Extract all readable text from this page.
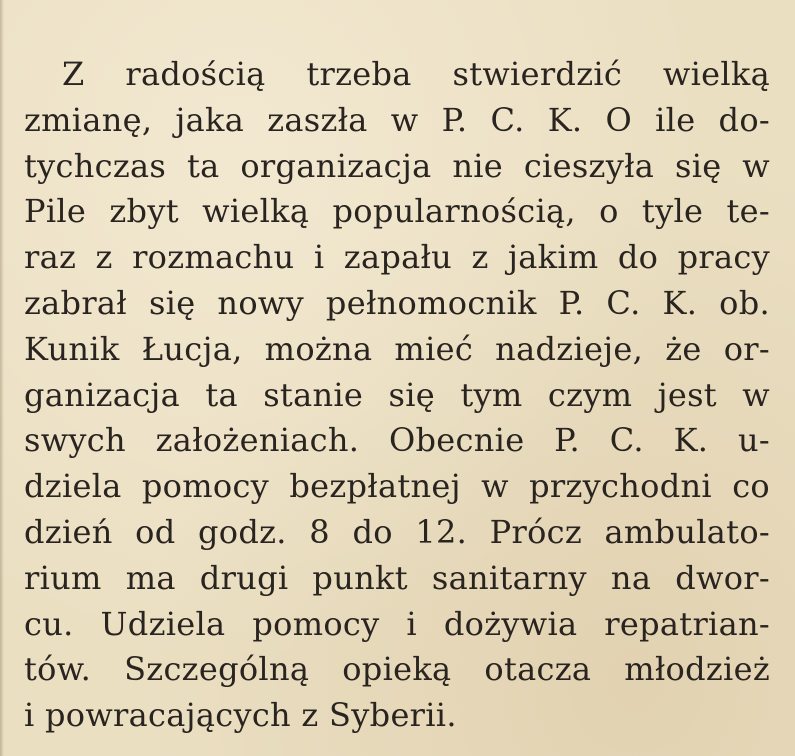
Z radością trzeba stwierdzić wielką
zmianę, jaka zaszła w P. C. K. O ile do-
tychczas ta organizacja nie cieszyła się w
Pile zbyt wielką popularnością, o tyle te-
raz z rozmachu i zapału z jakim do pracy
zabrał się nowy pełnomocnik P. C. K. ob.
Kunik Łucja, można mieć nadzieje, że or-
ganizacja ta stanie się tym czym jest w
swych założeniach. Obecnie P. C. K. u-
dziela pomocy bezpłatnej w przychodni co
dzień od godz. 8 do 12. Prócz ambulato-
rium ma drugi punkt sanitarny na dwor-
cu. Udziela pomocy i dożywia repatrian-
tów. Szczególną opieką otacza młodzież
i powracających z Syberii.
